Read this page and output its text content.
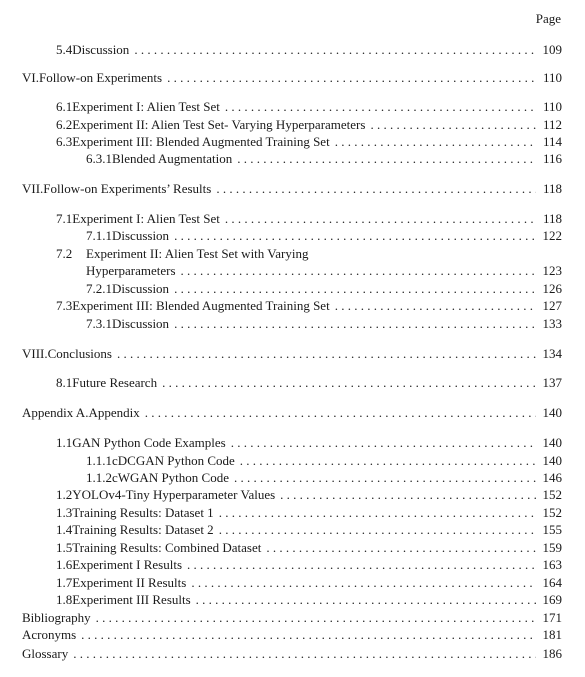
Page
5.4 Discussion . . .	109
VI. Follow-on Experiments . . .	110
6.1 Experiment I: Alien Test Set . . .	110
6.2 Experiment II: Alien Test Set- Varying Hyperparameters . . .	112
6.3 Experiment III: Blended Augmented Training Set . . .	114
6.3.1 Blended Augmentation . . .	116
VII. Follow-on Experiments’ Results . . .	118
7.1 Experiment I: Alien Test Set . . .	118
7.1.1 Discussion . . .	122
7.2 Experiment II: Alien Test Set with Varying
Hyperparameters . . .	123
7.2.1 Discussion . . .	126
7.3 Experiment III: Blended Augmented Training Set . . .	127
7.3.1 Discussion . . .	133
VIII. Conclusions . . .	134
8.1 Future Research . . .	137
Appendix A. Appendix . . .	140
1.1 GAN Python Code Examples . . .	140
1.1.1 cDCGAN Python Code . . .	140
1.1.2 cWGAN Python Code . . .	146
1.2 YOLOv4-Tiny Hyperparameter Values . . .	152
1.3 Training Results: Dataset 1 . . .	152
1.4 Training Results: Dataset 2 . . .	155
1.5 Training Results: Combined Dataset . . .	159
1.6 Experiment I Results . . .	163
1.7 Experiment II Results . . .	164
1.8 Experiment III Results . . .	169
Bibliography . . .	171
Acronyms . . .	181
Glossary . . .	186
